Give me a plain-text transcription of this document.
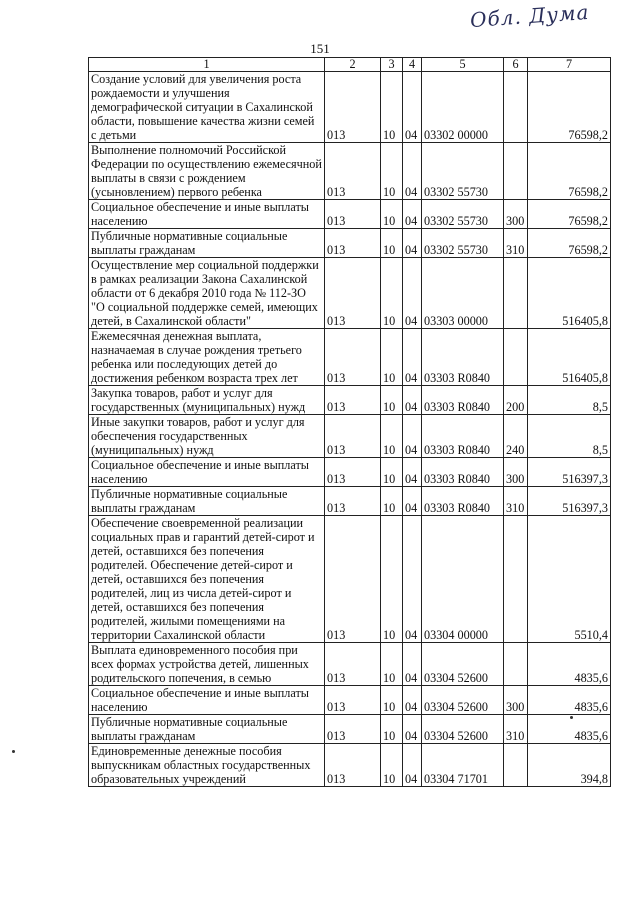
Обл. Дума
151
1	2	3	4	5	6	7
Создание условий для увеличения роста рождаемости и улучшения демографической ситуации в Сахалинской области, повышение качества жизни семей с детьми	013	10	04	03302 00000		76598,2
Выполнение полномочий Российской Федерации по осуществлению ежемесячной выплаты в связи с рождением (усыновлением) первого ребенка	013	10	04	03302 55730		76598,2
Социальное обеспечение и иные выплаты населению	013	10	04	03302 55730	300	76598,2
Публичные нормативные социальные выплаты гражданам	013	10	04	03302 55730	310	76598,2
Осуществление мер социальной поддержки в рамках реализации Закона Сахалинской области от 6 декабря 2010 года № 112-ЗО "О социальной поддержке семей, имеющих детей, в Сахалинской области"	013	10	04	03303 00000		516405,8
Ежемесячная денежная выплата, назначаемая в случае рождения третьего ребенка или последующих детей до достижения ребенком возраста трех лет	013	10	04	03303 R0840		516405,8
Закупка товаров, работ и услуг для государственных (муниципальных) нужд	013	10	04	03303 R0840	200	8,5
Иные закупки товаров, работ и услуг для обеспечения государственных (муниципальных) нужд	013	10	04	03303 R0840	240	8,5
Социальное обеспечение и иные выплаты населению	013	10	04	03303 R0840	300	516397,3
Публичные нормативные социальные выплаты гражданам	013	10	04	03303 R0840	310	516397,3
Обеспечение своевременной реализации социальных прав и гарантий детей-сирот и детей, оставшихся без попечения родителей. Обеспечение детей-сирот и детей, оставшихся без попечения родителей, лиц из числа детей-сирот и детей, оставшихся без попечения родителей, жилыми помещениями на территории Сахалинской области	013	10	04	03304 00000		5510,4
Выплата единовременного пособия при всех формах устройства детей, лишенных родительского попечения, в семью	013	10	04	03304 52600		4835,6
Социальное обеспечение и иные выплаты населению	013	10	04	03304 52600	300	4835,6
Публичные нормативные социальные выплаты гражданам	013	10	04	03304 52600	310	4835,6
Единовременные денежные пособия выпускникам областных государственных образовательных учреждений	013	10	04	03304 71701		394,8
